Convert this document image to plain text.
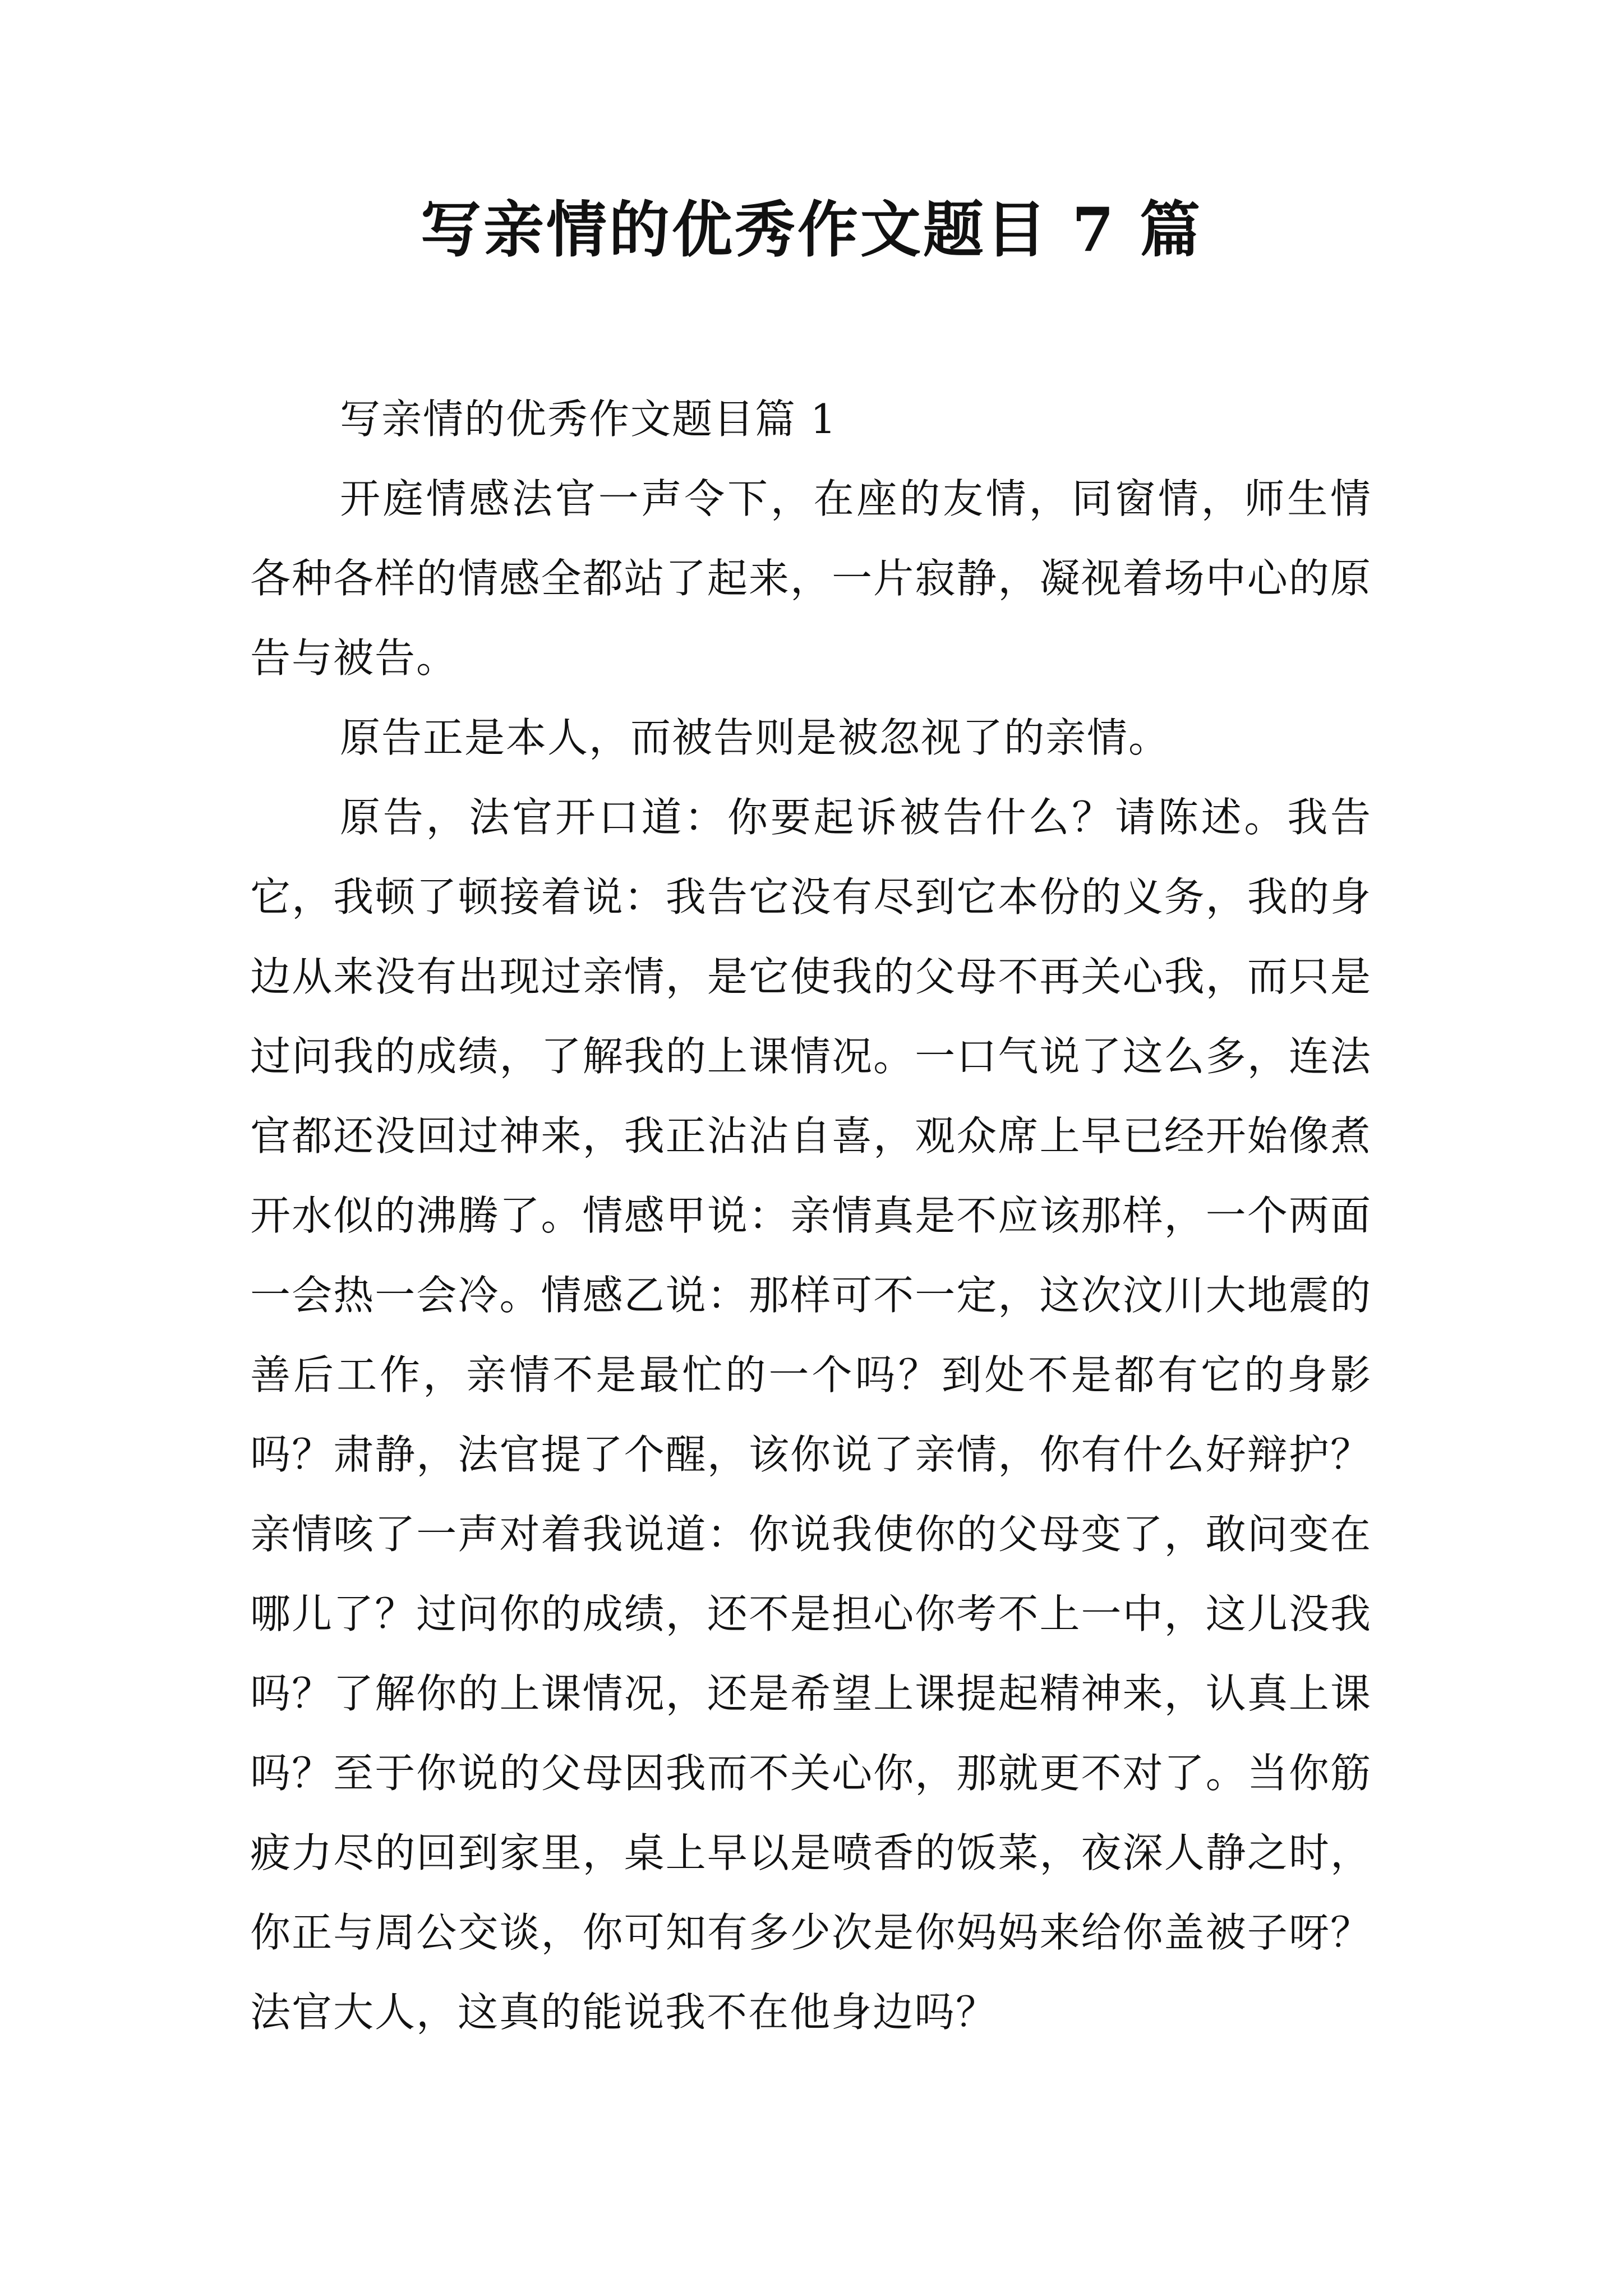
写亲情的优秀作文题目 7 篇

写亲情的优秀作文题目篇 1

开庭情感法官一声令下，在座的友情，同窗情，师生情各种各样的情感全都站了起来，一片寂静，凝视着场中心的原告与被告。

原告正是本人，而被告则是被忽视了的亲情。

原告，法官开口道：你要起诉被告什么？请陈述。我告它，我顿了顿接着说：我告它没有尽到它本份的义务，我的身边从来没有出现过亲情，是它使我的父母不再关心我，而只是过问我的成绩，了解我的上课情况。一口气说了这么多，连法官都还没回过神来，我正沾沾自喜，观众席上早已经开始像煮开水似的沸腾了。情感甲说：亲情真是不应该那样，一个两面一会热一会冷。情感乙说：那样可不一定，这次汶川大地震的善后工作，亲情不是最忙的一个吗？到处不是都有它的身影吗？肃静，法官提了个醒，该你说了亲情，你有什么好辩护？亲情咳了一声对着我说道：你说我使你的父母变了，敢问变在哪儿了？过问你的成绩，还不是担心你考不上一中，这儿没我吗？了解你的上课情况，还是希望上课提起精神来，认真上课吗？至于你说的父母因我而不关心你，那就更不对了。当你筋疲力尽的回到家里，桌上早以是喷香的饭菜，夜深人静之时，你正与周公交谈，你可知有多少次是你妈妈来给你盖被子呀？法官大人，这真的能说我不在他身边吗？
